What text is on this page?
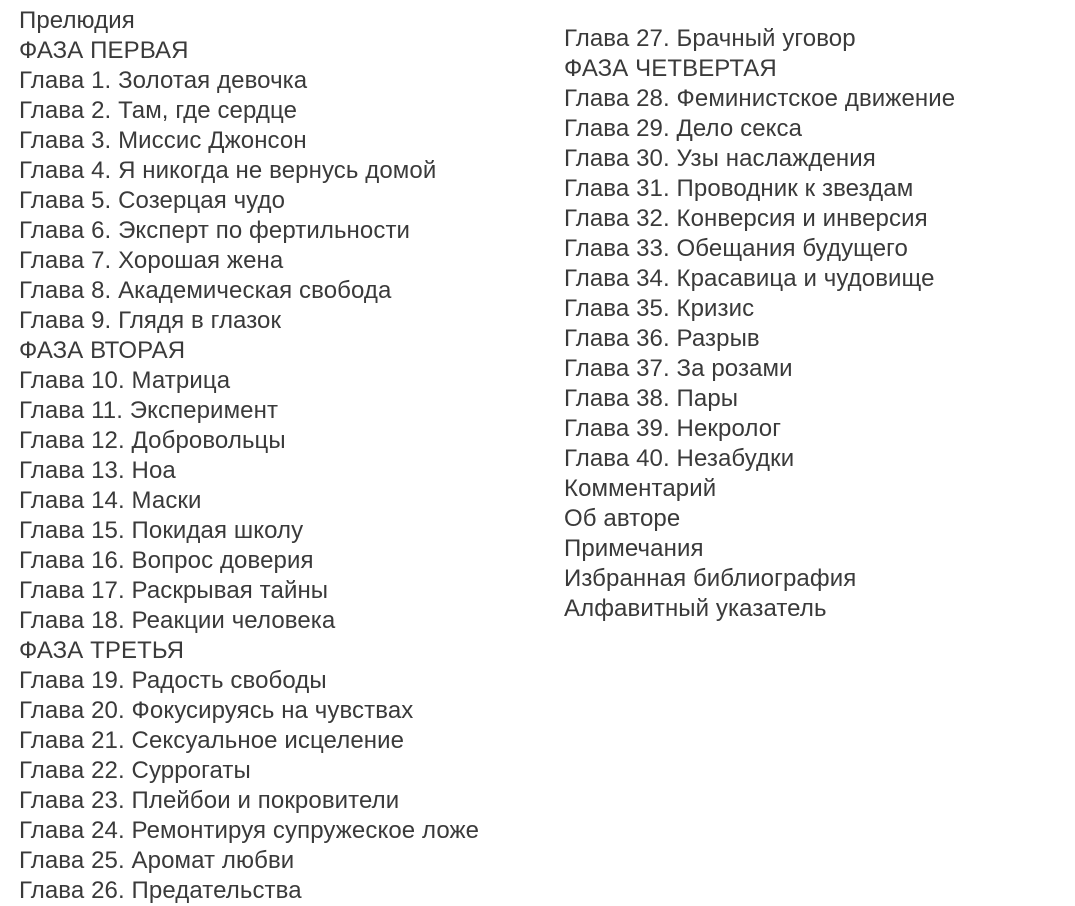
Прелюдия
ФАЗА ПЕРВАЯ
Глава 1. Золотая девочка
Глава 2. Там, где сердце
Глава 3. Миссис Джонсон
Глава 4. Я никогда не вернусь домой
Глава 5. Созерцая чудо
Глава 6. Эксперт по фертильности
Глава 7. Хорошая жена
Глава 8. Академическая свобода
Глава 9. Глядя в глазок
ФАЗА ВТОРАЯ
Глава 10. Матрица
Глава 11. Эксперимент
Глава 12. Добровольцы
Глава 13. Ноа
Глава 14. Маски
Глава 15. Покидая школу
Глава 16. Вопрос доверия
Глава 17. Раскрывая тайны
Глава 18. Реакции человека
ФАЗА ТРЕТЬЯ
Глава 19. Радость свободы
Глава 20. Фокусируясь на чувствах
Глава 21. Сексуальное исцеление
Глава 22. Суррогаты
Глава 23. Плейбои и покровители
Глава 24. Ремонтируя супружеское ложе
Глава 25. Аромат любви
Глава 26. Предательства
Глава 27. Брачный уговор
ФАЗА ЧЕТВЕРТАЯ
Глава 28. Феминистское движение
Глава 29. Дело секса
Глава 30. Узы наслаждения
Глава 31. Проводник к звездам
Глава 32. Конверсия и инверсия
Глава 33. Обещания будущего
Глава 34. Красавица и чудовище
Глава 35. Кризис
Глава 36. Разрыв
Глава 37. За розами
Глава 38. Пары
Глава 39. Некролог
Глава 40. Незабудки
Комментарий
Об авторе
Примечания
Избранная библиография
Алфавитный указатель
